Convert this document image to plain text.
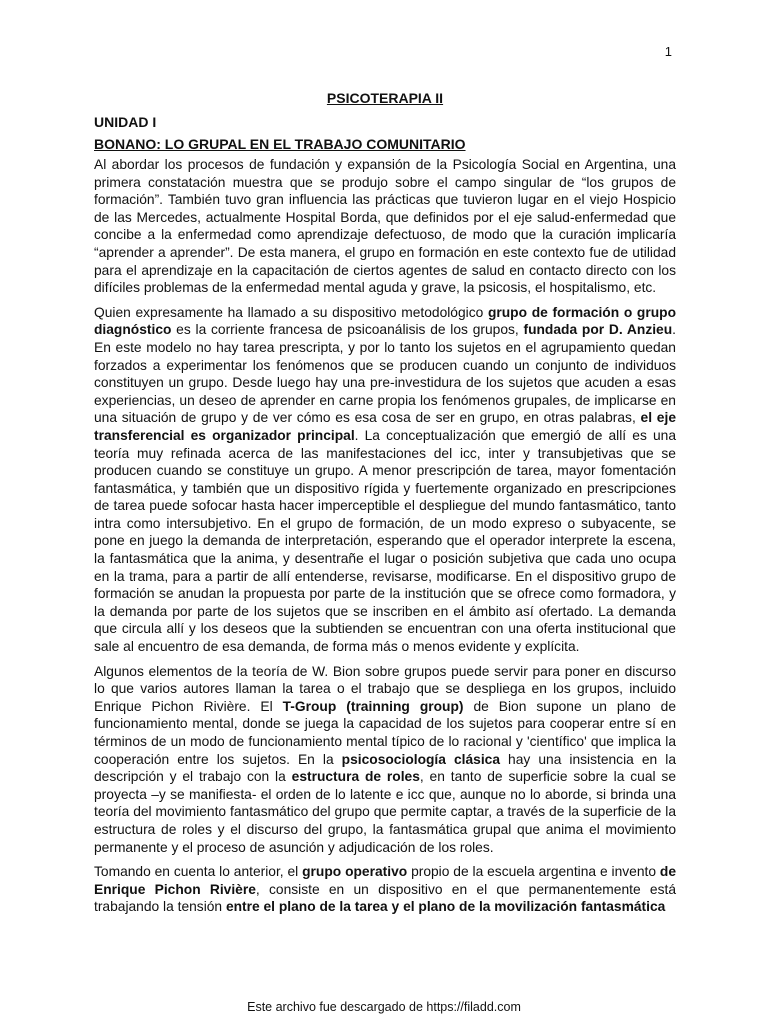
1
PSICOTERAPIA II
UNIDAD I
BONANO: LO GRUPAL EN EL TRABAJO COMUNITARIO

Al abordar los procesos de fundación y expansión de la Psicología Social en Argentina, una primera constatación muestra que se produjo sobre el campo singular de “los grupos de formación”. También tuvo gran influencia las prácticas que tuvieron lugar en el viejo Hospicio de las Mercedes, actualmente Hospital Borda, que definidos por el eje salud-enfermedad que concibe a la enfermedad como aprendizaje defectuoso, de modo que la curación implicaría “aprender a aprender”. De esta manera, el grupo en formación en este contexto fue de utilidad para el aprendizaje en la capacitación de ciertos agentes de salud en contacto directo con los difíciles problemas de la enfermedad mental aguda y grave, la psicosis, el hospitalismo, etc.

Quien expresamente ha llamado a su dispositivo metodológico grupo de formación o grupo diagnóstico es la corriente francesa de psicoanálisis de los grupos, fundada por D. Anzieu. En este modelo no hay tarea prescripta, y por lo tanto los sujetos en el agrupamiento quedan forzados a experimentar los fenómenos que se producen cuando un conjunto de individuos constituyen un grupo. Desde luego hay una pre-investidura de los sujetos que acuden a esas experiencias, un deseo de aprender en carne propia los fenómenos grupales, de implicarse en una situación de grupo y de ver cómo es esa cosa de ser en grupo, en otras palabras, el eje transferencial es organizador principal. La conceptualización que emergió de allí es una teoría muy refinada acerca de las manifestaciones del icc, inter y transubjetivas que se producen cuando se constituye un grupo. A menor prescripción de tarea, mayor fomentación fantasmática, y también que un dispositivo rígida y fuertemente organizado en prescripciones de tarea puede sofocar hasta hacer imperceptible el despliegue del mundo fantasmático, tanto intra como intersubjetivo. En el grupo de formación, de un modo expreso o subyacente, se pone en juego la demanda de interpretación, esperando que el operador interprete la escena, la fantasmática que la anima, y desentrañe el lugar o posición subjetiva que cada uno ocupa en la trama, para a partir de allí entenderse, revisarse, modificarse. En el dispositivo grupo de formación se anudan la propuesta por parte de la institución que se ofrece como formadora, y la demanda por parte de los sujetos que se inscriben en el ámbito así ofertado. La demanda que circula allí y los deseos que la subtienden se encuentran con una oferta institucional que sale al encuentro de esa demanda, de forma más o menos evidente y explícita.

Algunos elementos de la teoría de W. Bion sobre grupos puede servir para poner en discurso lo que varios autores llaman la tarea o el trabajo que se despliega en los grupos, incluido Enrique Pichon Rivière. El T-Group (trainning group) de Bion supone un plano de funcionamiento mental, donde se juega la capacidad de los sujetos para cooperar entre sí en términos de un modo de funcionamiento mental típico de lo racional y 'científico' que implica la cooperación entre los sujetos. En la psicosociología clásica hay una insistencia en la descripción y el trabajo con la estructura de roles, en tanto de superficie sobre la cual se proyecta –y se manifiesta- el orden de lo latente e icc que, aunque no lo aborde, si brinda una teoría del movimiento fantasmático del grupo que permite captar, a través de la superficie de la estructura de roles y el discurso del grupo, la fantasmática grupal que anima el movimiento permanente y el proceso de asunción y adjudicación de los roles.

Tomando en cuenta lo anterior, el grupo operativo propio de la escuela argentina e invento de Enrique Pichon Rivière, consiste en un dispositivo en el que permanentemente está trabajando la tensión entre el plano de la tarea y el plano de la movilización fantasmática

Este archivo fue descargado de https://filadd.com
